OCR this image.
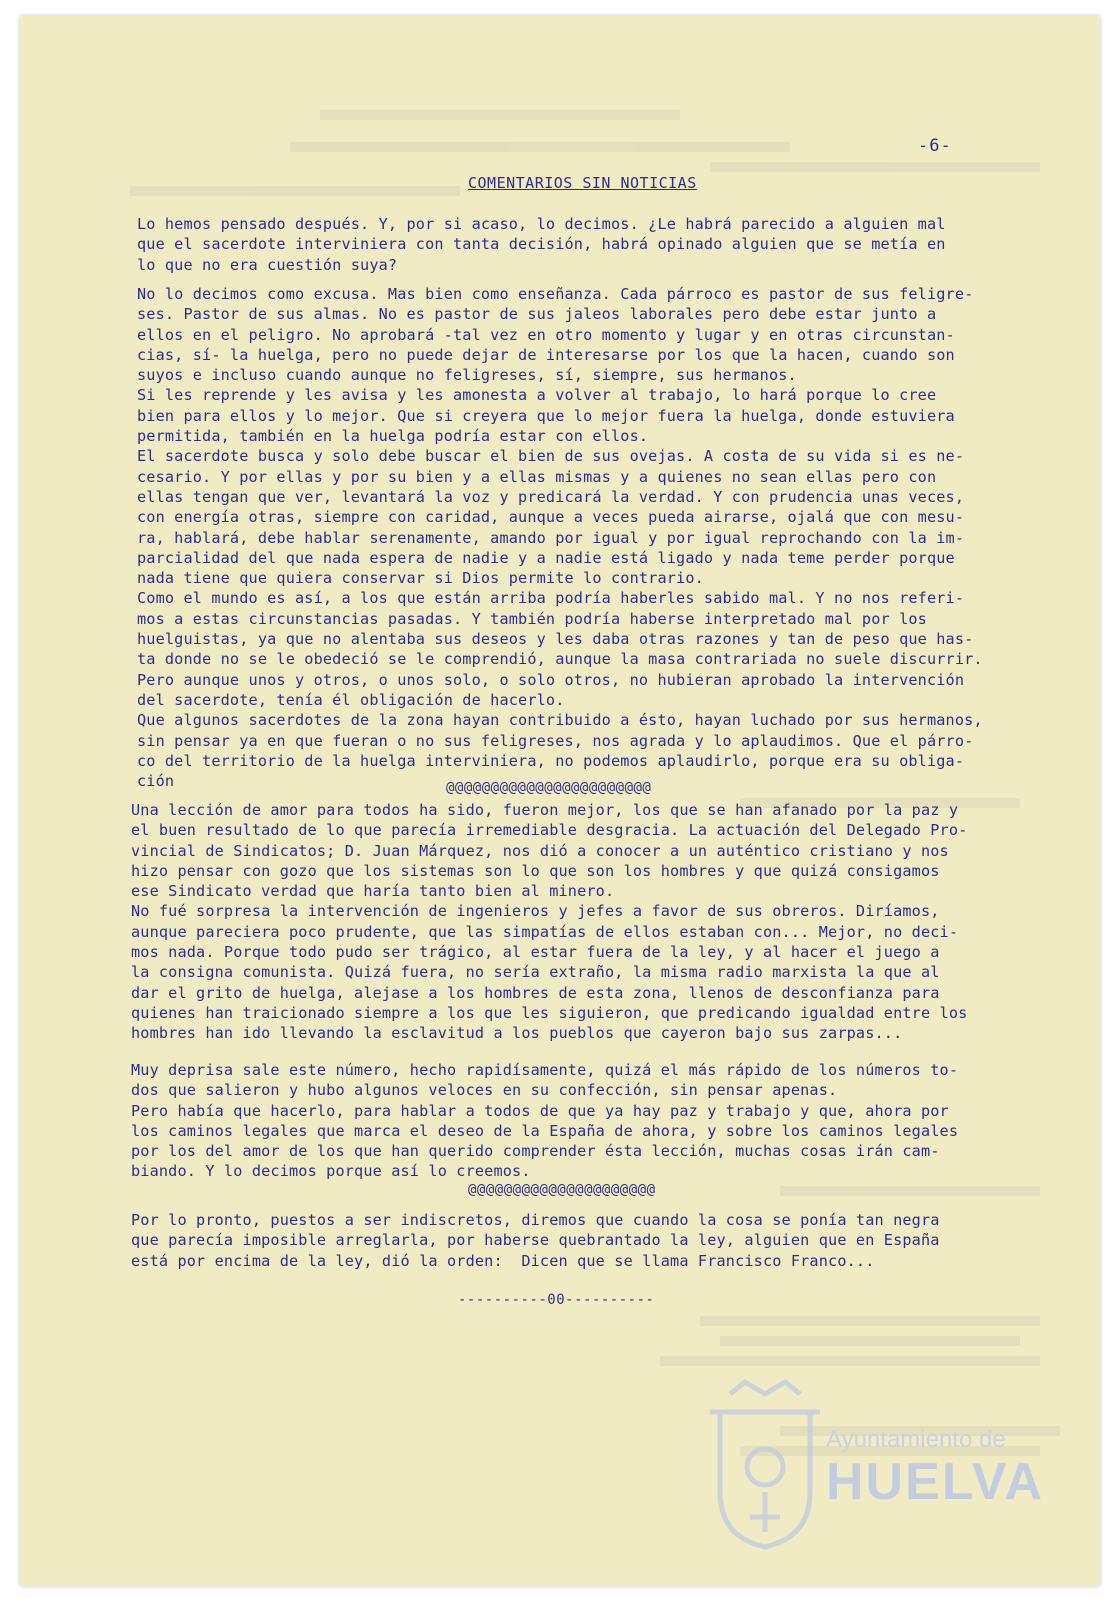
Ayuntamiento de
HUELVA
-6-
COMENTARIOS SIN NOTICIAS
Lo hemos pensado después. Y, por si acaso, lo decimos. ¿Le habrá parecido a alguien mal
que el sacerdote interviniera con tanta decisión, habrá opinado alguien que se metía en
lo que no era cuestión suya?
No lo decimos como excusa. Mas bien como enseñanza. Cada párroco es pastor de sus feligre-
ses. Pastor de sus almas. No es pastor de sus jaleos laborales pero debe estar junto a
ellos en el peligro. No aprobará -tal vez en otro momento y lugar y en otras circunstan-
cias, sí- la huelga, pero no puede dejar de interesarse por los que la hacen, cuando son
suyos e incluso cuando aunque no feligreses, sí, siempre, sus hermanos.
Si les reprende y les avisa y les amonesta a volver al trabajo, lo hará porque lo cree
bien para ellos y lo mejor. Que si creyera que lo mejor fuera la huelga, donde estuviera
permitida, también en la huelga podría estar con ellos.
El sacerdote busca y solo debe buscar el bien de sus ovejas. A costa de su vida si es ne-
cesario. Y por ellas y por su bien y a ellas mismas y a quienes no sean ellas pero con
ellas tengan que ver, levantará la voz y predicará la verdad. Y con prudencia unas veces,
con energía otras, siempre con caridad, aunque a veces pueda airarse, ojalá que con mesu-
ra, hablará, debe hablar serenamente, amando por igual y por igual reprochando con la im-
parcialidad del que nada espera de nadie y a nadie está ligado y nada teme perder porque
nada tiene que quiera conservar si Dios permite lo contrario.
Como el mundo es así, a los que están arriba podría haberles sabido mal. Y no nos referi-
mos a estas circunstancias pasadas. Y también podría haberse interpretado mal por los
huelguistas, ya que no alentaba sus deseos y les daba otras razones y tan de peso que has-
ta donde no se le obedeció se le comprendió, aunque la masa contrariada no suele discurrir.
Pero aunque unos y otros, o unos solo, o solo otros, no hubieran aprobado la intervención
del sacerdote, tenía él obligación de hacerlo.
Que algunos sacerdotes de la zona hayan contribuido a ésto, hayan luchado por sus hermanos,
sin pensar ya en que fueran o no sus feligreses, nos agrada y lo aplaudimos. Que el párro-
co del territorio de la huelga interviniera, no podemos aplaudirlo, porque era su obliga-
ción	@@@@@@@@@@@@@@@@@@@@@@@
Una lección de amor para todos ha sido, fueron mejor, los que se han afanado por la paz y
el buen resultado de lo que parecía irremediable desgracia. La actuación del Delegado Pro-
vincial de Sindicatos; D. Juan Márquez, nos dió a conocer a un auténtico cristiano y nos
hizo pensar con gozo que los sistemas son lo que son los hombres y que quizá consigamos
ese Sindicato verdad que haría tanto bien al minero.
No fué sorpresa la intervención de ingenieros y jefes a favor de sus obreros. Diríamos,
aunque pareciera poco prudente, que las simpatías de ellos estaban con... Mejor, no deci-
mos nada. Porque todo pudo ser trágico, al estar fuera de la ley, y al hacer el juego a
la consigna comunista. Quizá fuera, no sería extraño, la misma radio marxista la que al
dar el grito de huelga, alejase a los hombres de esta zona, llenos de desconfianza para
quienes han traicionado siempre a los que les siguieron, que predicando igualdad entre los
hombres han ido llevando la esclavitud a los pueblos que cayeron bajo sus zarpas...
Muy deprisa sale este número, hecho rapidísamente, quizá el más rápido de los números to-
dos que salieron y hubo algunos veloces en su confección, sin pensar apenas.
Pero había que hacerlo, para hablar a todos de que ya hay paz y trabajo y que, ahora por
los caminos legales que marca el deseo de la España de ahora, y sobre los caminos legales
por los del amor de los que han querido comprender ésta lección, muchas cosas irán cam-
biando. Y lo decimos porque así lo creemos.
@@@@@@@@@@@@@@@@@@@@@
Por lo pronto, puestos a ser indiscretos, diremos que cuando la cosa se ponía tan negra
que parecía imposible arreglarla, por haberse quebrantado la ley, alguien que en España
está por encima de la ley, dió la orden:  Dicen que se llama Francisco Franco...
----------00----------
